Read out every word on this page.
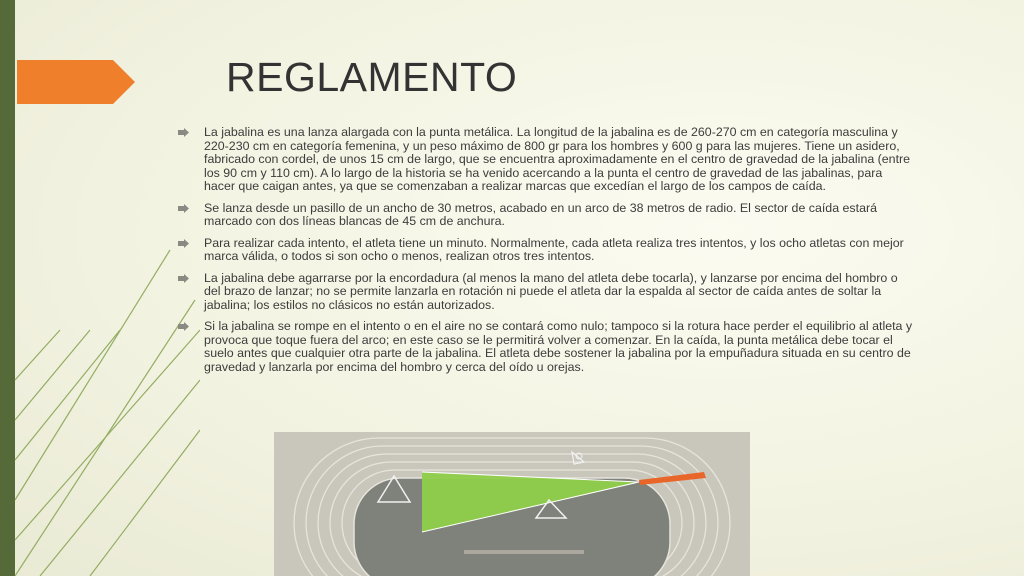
REGLAMENTO
La jabalina es una lanza alargada con la punta metálica. La longitud de la jabalina es de 260-270 cm en categoría masculina y 220-230 cm en categoría femenina, y un peso máximo de 800 gr para los hombres y 600 g para las mujeres. Tiene un asidero, fabricado con cordel, de unos 15 cm de largo, que se encuentra aproximadamente en el centro de gravedad de la jabalina (entre los 90 cm y 110 cm). A lo largo de la historia se ha venido acercando a la punta el centro de gravedad de las jabalinas, para hacer que caigan antes, ya que se comenzaban a realizar marcas que excedían el largo de los campos de caída.
Se lanza desde un pasillo de un ancho de 30 metros, acabado en un arco de 38 metros de radio. El sector de caída estará marcado con dos líneas blancas de 45 cm de anchura.
Para realizar cada intento, el atleta tiene un minuto. Normalmente, cada atleta realiza tres intentos, y los ocho atletas con mejor marca válida, o todos si son ocho o menos, realizan otros tres intentos.
La jabalina debe agarrarse por la encordadura (al menos la mano del atleta debe tocarla), y lanzarse por encima del hombro o del brazo de lanzar; no se permite lanzarla en rotación ni puede el atleta dar la espalda al sector de caída antes de soltar la jabalina; los estilos no clásicos no están autorizados.
Si la jabalina se rompe en el intento o en el aire no se contará como nulo; tampoco si la rotura hace perder el equilibrio al atleta y provoca que toque fuera del arco; en este caso se le permitirá volver a comenzar. En la caída, la punta metálica debe tocar el suelo antes que cualquier otra parte de la jabalina. El atleta debe sostener la jabalina por la empuñadura situada en su centro de gravedad y lanzarla por encima del hombro y cerca del oído u orejas.
